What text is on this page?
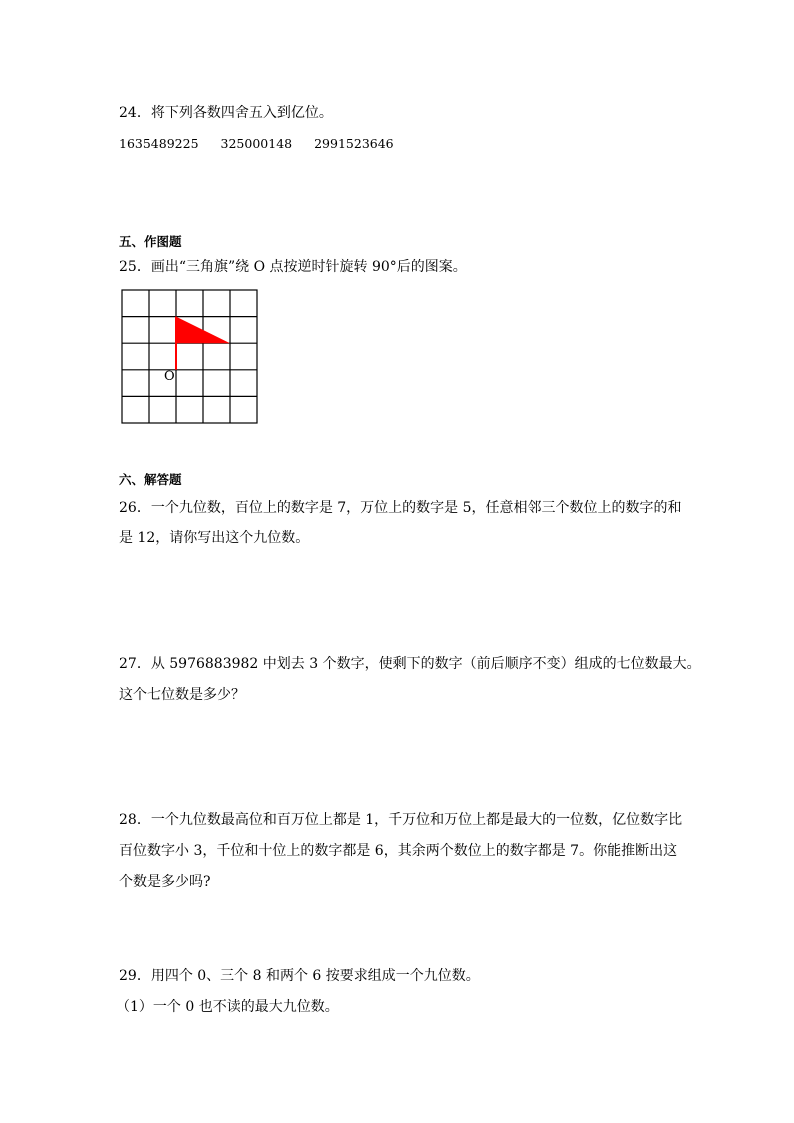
24．将下列各数四舍五入到亿位。
1635489225 325000148 2991523646
五、作图题
25．画出“三角旗”绕 O 点按逆时针旋转 90°后的图案。
O
六、解答题
26．一个九位数，百位上的数字是 7，万位上的数字是 5，任意相邻三个数位上的数字的和
是 12，请你写出这个九位数。
27．从 5976883982 中划去 3 个数字，使剩下的数字（前后顺序不变）组成的七位数最大。
这个七位数是多少？
28．一个九位数最高位和百万位上都是 1，千万位和万位上都是最大的一位数，亿位数字比
百位数字小 3，千位和十位上的数字都是 6，其余两个数位上的数字都是 7。你能推断出这
个数是多少吗?
29．用四个 0、三个 8 和两个 6 按要求组成一个九位数。
（1）一个 0 也不读的最大九位数。
